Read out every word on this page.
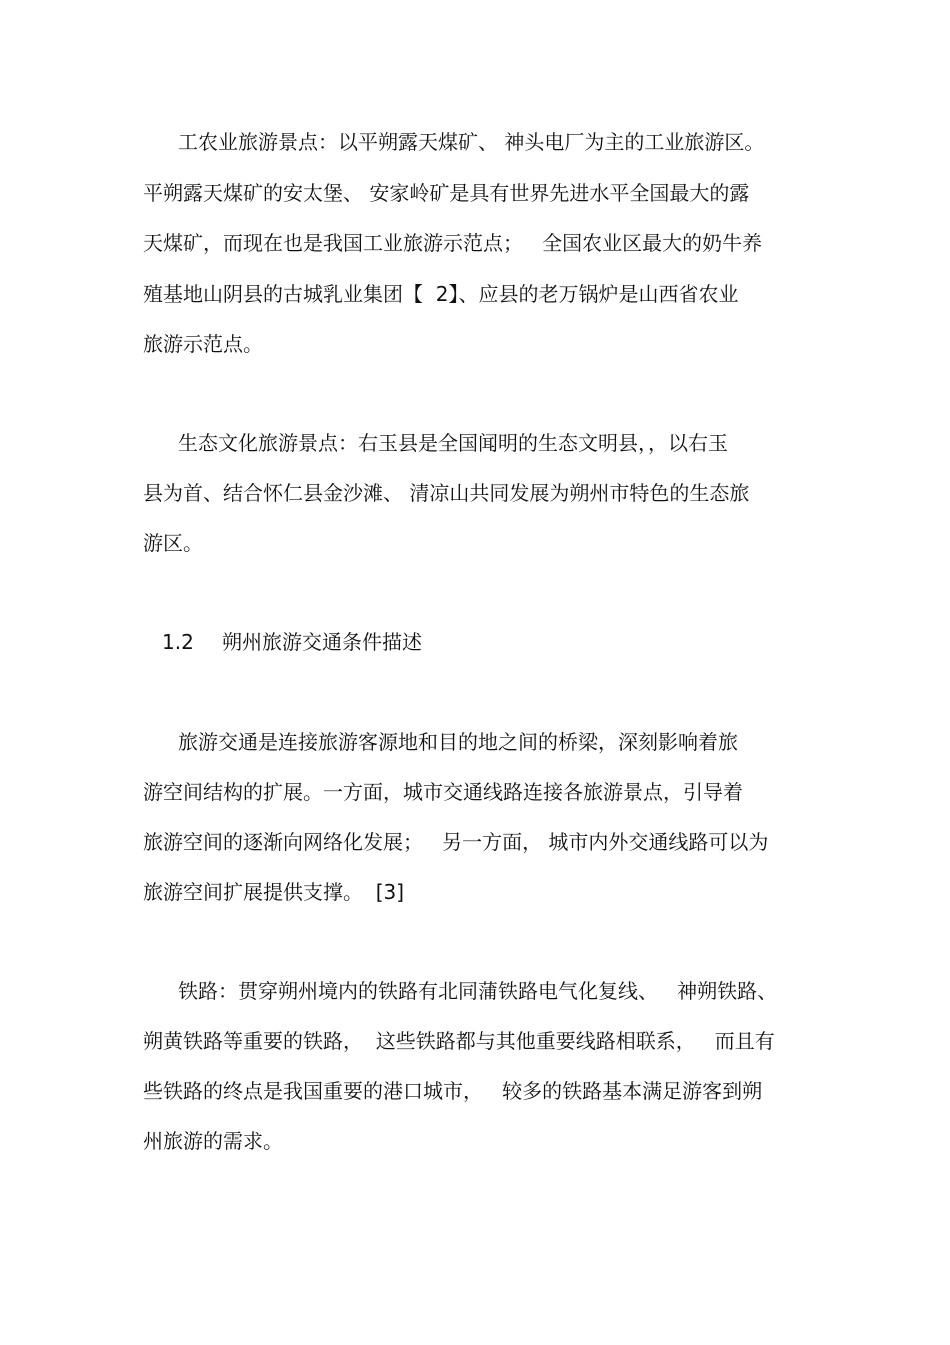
工农业旅游景点：以平朔露天煤矿、 神头电厂为主的工业旅游区。

平朔露天煤矿的安太堡、 安家岭矿是具有世界先进水平全国最大的露

天煤矿，而现在也是我国工业旅游示范点；   全国农业区最大的奶牛养

殖基地山阴县的古城乳业集团【  2】、应县的老万锅炉是山西省农业

旅游示范点。

生态文化旅游景点：右玉县是全国闻明的生态文明县，，以右玉

县为首、结合怀仁县金沙滩、 清凉山共同发展为朔州市特色的生态旅

游区。

1.2 朔州旅游交通条件描述

旅游交通是连接旅游客源地和目的地之间的桥梁，深刻影响着旅

游空间结构的扩展。一方面，城市交通线路连接各旅游景点，引导着

旅游空间的逐渐向网络化发展；   另一方面， 城市内外交通线路可以为

旅游空间扩展提供支撑。  [3]

铁路：贯穿朔州境内的铁路有北同蒲铁路电气化复线、   神朔铁路、

朔黄铁路等重要的铁路，  这些铁路都与其他重要线路相联系，   而且有

些铁路的终点是我国重要的港口城市，   较多的铁路基本满足游客到朔

州旅游的需求。
